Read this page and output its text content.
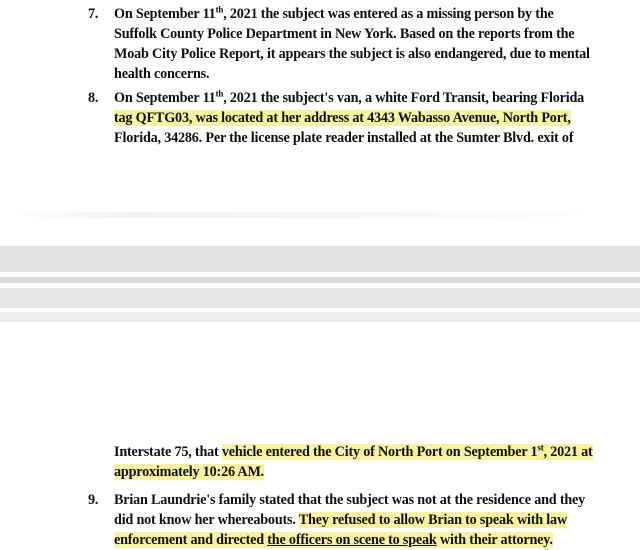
7.	On September 11th, 2021 the subject was entered as a missing person by the
Suffolk County Police Department in New York. Based on the reports from the
Moab City Police Report, it appears the subject is also endangered, due to mental
health concerns.
8.	On September 11th, 2021 the subject's van, a white Ford Transit, bearing Florida
tag QFTG03, was located at her address at 4343 Wabasso Avenue, North Port,
Florida, 34286. Per the license plate reader installed at the Sumter Blvd. exit of
Interstate 75, that vehicle entered the City of North Port on September 1st, 2021 at
approximately 10:26 AM.
9.	Brian Laundrie's family stated that the subject was not at the residence and they
did not know her whereabouts. They refused to allow Brian to speak with law
enforcement and directed the officers on scene to speak with their attorney.
